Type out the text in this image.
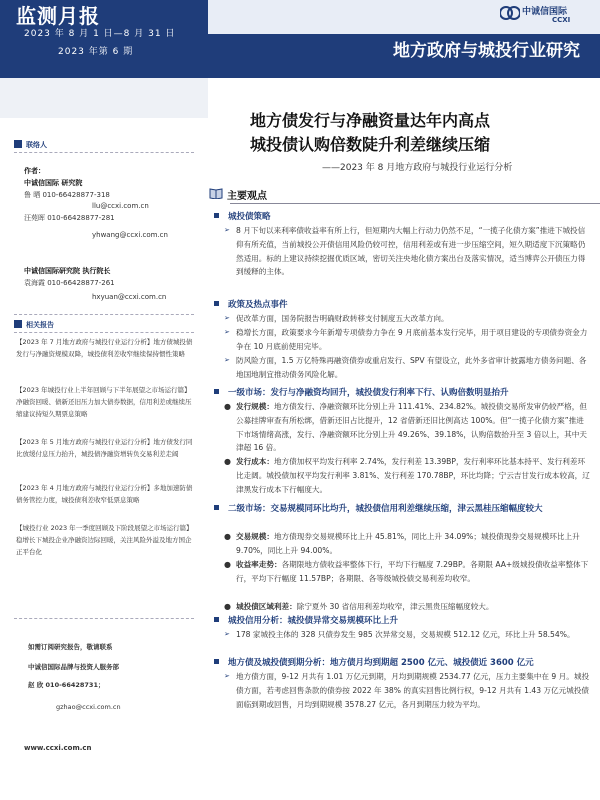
监测月报
2023 年 8 月 1 日—8 月 31 日
2023 年第 6 期
中诚信国际
CCXI
地方政府与城投行业研究
联络人
作者：
中诚信国际 研究院
鲁 晒 010-66428877-318
llu@ccxi.com.cn
汪苑晖 010-66428877-281
yhwang@ccxi.com.cn
中诚信国际研究院 执行院长
袁海霞 010-66428877-261
hxyuan@ccxi.com.cn
相关报告
【2023 年 7 月地方政府与城投行业运行分析】地方债城投债发行与净融资规模双降，城投债利差收窄继续保持惯性策略
【2023 年城投行业上半年回顾与下半年展望之市场运行篇】净融资回暖、债新还旧压力加大债券数据，信用利差或继续压缩建议持短久期票息策略
【2023 年 5 月地方政府与城投行业运行分析】地方债发行同比放缓付息压力抬升，城投债净融资增转负交易利差走阔
【2023 年 4 月地方政府与城投行业运行分析】多地加速防债债务管控力度，城投债利差收窄低票息策略
【城投行业 2023 年一季度回顾及下阶段展望之市场运行篇】稳增长下城投企业净融资边际回暖，关注风险外溢及地方国企正平台化
如需订阅研究报告，敬请联系
中诚信国际品牌与投资人服务部
赵 欣 010-66428731；
gzhao@ccxi.com.cn
www.ccxi.com.cn
地方债发行与净融资量达年内高点
城投债认购倍数陡升利差继续压缩
——2023 年 8 月地方政府与城投行业运行分析
主要观点
城投债策略
➢ 8 月下旬以来利率债收益率有所上行，但短期内大幅上行动力仍然不足，“一揽子化债方案”推进下城投信仰有所充值，当前城投公开债信用风险仍较可控，信用利差或有进一步压缩空间，短久期适度下沉策略仍然适用。标的上建议持续挖掘优质区域，密切关注央地化债方案出台及落实情况，适当博弈公开债压力得到缓释的主体。
政策及热点事件
➢ 促改革方面，国务院报告明确财政转移支付制度五大改革方向。
➢ 稳增长方面，政策要求今年新增专项债券力争在 9 月底前基本发行完毕，用于项目建设的专项债券资金力争在 10 月底前使用完毕。
➢ 防风险方面，1.5 万亿特殊再融资债券或重启发行、SPV 有望设立，此外多省审计披露地方债务问题、各地国地制宜推动债务风险化解。
一级市场：发行与净融资均回升，城投债发行利率下行、认购倍数明显抬升
● 发行规模：地方债发行、净融资额环比分别上升 111.41%、234.82%。城投债交易所发审仍较严格，但公募挂牌审查有所松绑，借新还旧占比提升，12 省借新还旧比例高达 100%。但“一揽子化债方案”推进下市场情绪高涨，发行、净融资额环比分别上升 49.26%、39.18%，认购倍数抬升至 3 倍以上，其中天津超 16 倍。
● 发行成本：地方债加权平均发行利率 2.74%，发行利差 13.39BP，发行利率环比基本持平、发行利差环比走阔。城投债加权平均发行利率 3.81%、发行利差 170.78BP，环比均降；宁云吉甘发行成本较高，辽津黑发行成本下行幅度大。
二级市场：交易规模同环比均升，城投债信用利差继续压缩，津云黑桂压缩幅度较大
● 交易规模：地方债现券交易规模环比上升 45.81%，同比上升 34.09%；城投债现券交易规模环比上升 9.70%，同比上升 94.00%。
● 收益率走势：各期限地方债收益率整体下行，平均下行幅度 7.29BP。各期限 AA+级城投债收益率整体下行，平均下行幅度 11.57BP；各期限、各等级城投债交易利差均收窄。
● 城投债区域利差：除宁夏外 30 省信用利差均收窄，津云黑贵压缩幅度较大。
城投信用分析：城投债异常交易规模环比上升
➢ 178 家城投主体的 328 只债券发生 985 次异常交易，交易规模 512.12 亿元，环比上升 58.54%。
地方债及城投债到期分析：地方债月均到期超 2500 亿元、城投债近 3600 亿元
➢ 地方债方面，9-12 月共有 1.01 万亿元到期，月均到期规模 2534.77 亿元，压力主要集中在 9 月。城投债方面，若考虑回售条款的债券按 2022 年 38% 的真实回售比例行权，9-12 月共有 1.43 万亿元城投债面临到期或回售，月均到期规模 3578.27 亿元，各月到期压力较为平均。
